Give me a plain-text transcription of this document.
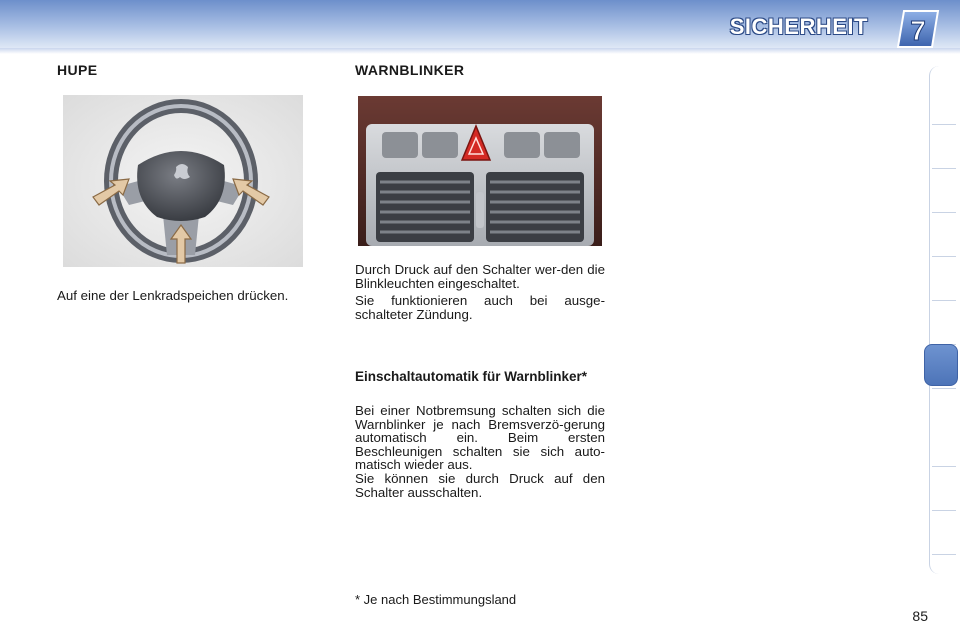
SICHERHEIT 7
HUPE
Auf eine der Lenkradspeichen drücken.
WARNBLINKER
Durch Druck auf den Schalter wer-den die Blinkleuchten eingeschaltet.
Sie funktionieren auch bei ausge-schalteter Zündung.
Einschaltautomatik für Warnblinker*
Bei einer Notbremsung schalten sich die Warnblinker je nach Bremsverzö-gerung automatisch ein. Beim ersten Beschleunigen schalten sie sich auto-matisch wieder aus.
Sie können sie durch Druck auf den Schalter ausschalten.
* Je nach Bestimmungsland
85
